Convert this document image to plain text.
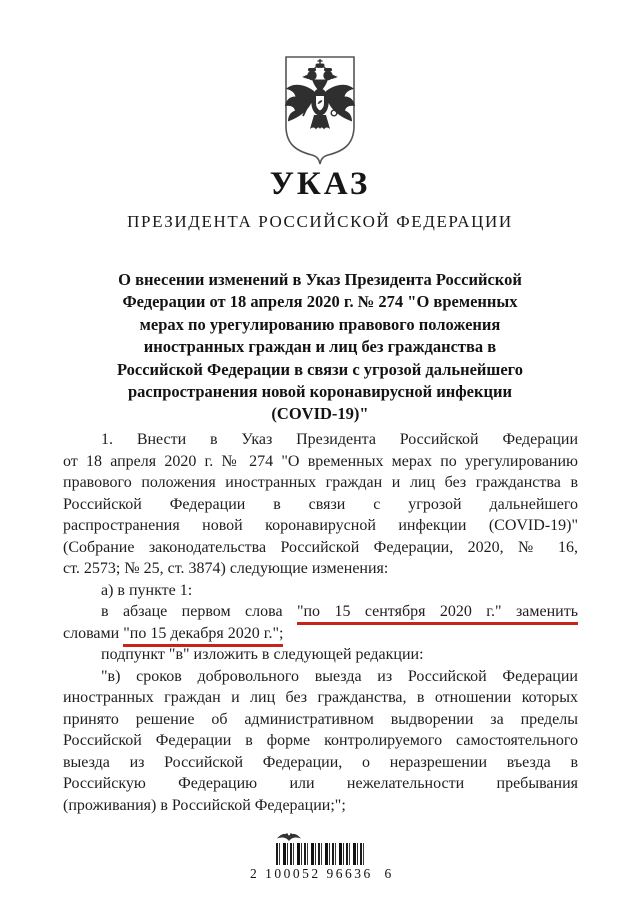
УКАЗ
ПРЕЗИДЕНТА РОССИЙСКОЙ ФЕДЕРАЦИИ
О внесении изменений в Указ Президента Российской
Федерации от 18 апреля 2020 г. № 274 "О временных
мерах по урегулированию правового положения
иностранных граждан и лиц без гражданства в
Российской Федерации в связи с угрозой дальнейшего
распространения новой коронавирусной инфекции
(COVID-19)"
1. Внести в Указ Президента Российской Федерации
от 18 апреля 2020 г. № 274 "О временных мерах по урегулированию
правового положения иностранных граждан и лиц без гражданства в
Российской Федерации в связи с угрозой дальнейшего
распространения новой коронавирусной инфекции (COVID-19)"
(Собрание законодательства Российской Федерации, 2020, № 16,
ст. 2573; № 25, ст. 3874) следующие изменения:
а) в пункте 1:
в абзаце первом слова "по 15 сентября 2020 г." заменить
словами "по 15 декабря 2020 г.";
подпункт "в" изложить в следующей редакции:
"в) сроков добровольного выезда из Российской Федерации
иностранных граждан и лиц без гражданства, в отношении которых
принято решение об административном выдворении за пределы
Российской Федерации в форме контролируемого самостоятельного
выезда из Российской Федерации, о неразрешении въезда в
Российскую Федерацию или нежелательности пребывания
(проживания) в Российской Федерации;";
2 100052 96636  6
